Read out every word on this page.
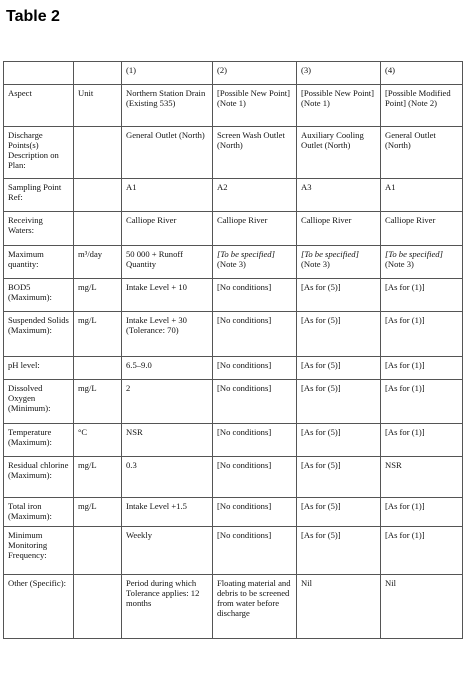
Table 2
		(1)	(2)	(3)	(4)
Aspect	Unit	Northern Station Drain (Existing 535)	[Possible New Point] (Note 1)	[Possible New Point] (Note 1)	[Possible Modified Point] (Note 2)
Discharge Points(s) Description on Plan:		General Outlet (North)	Screen Wash Outlet (North)	Auxiliary Cooling Outlet (North)	General Outlet (North)
Sampling Point Ref:		A1	A2	A3	A1
Receiving Waters:		Calliope River	Calliope River	Calliope River	Calliope River
Maximum quantity:	m³/day	50 000 + Runoff Quantity	[To be specified] (Note 3)	[To be specified] (Note 3)	[To be specified] (Note 3)
BOD5 (Maximum):	mg/L	Intake Level + 10	[No conditions]	[As for (5)]	[As for (1)]
Suspended Solids (Maximum):	mg/L	Intake Level + 30 (Tolerance: 70)	[No conditions]	[As for (5)]	[As for (1)]
pH level:		6.5–9.0	[No conditions]	[As for (5)]	[As for (1)]
Dissolved Oxygen (Minimum):	mg/L	2	[No conditions]	[As for (5)]	[As for (1)]
Temperature (Maximum):	°C	NSR	[No conditions]	[As for (5)]	[As for (1)]
Residual chlorine (Maximum):	mg/L	0.3	[No conditions]	[As for (5)]	NSR
Total iron (Maximum):	mg/L	Intake Level +1.5	[No conditions]	[As for (5)]	[As for (1)]
Minimum Monitoring Frequency:		Weekly	[No conditions]	[As for (5)]	[As for (1)]
Other (Specific):		Period during which Tolerance applies: 12 months	Floating material and debris to be screened from water before discharge	Nil	Nil
